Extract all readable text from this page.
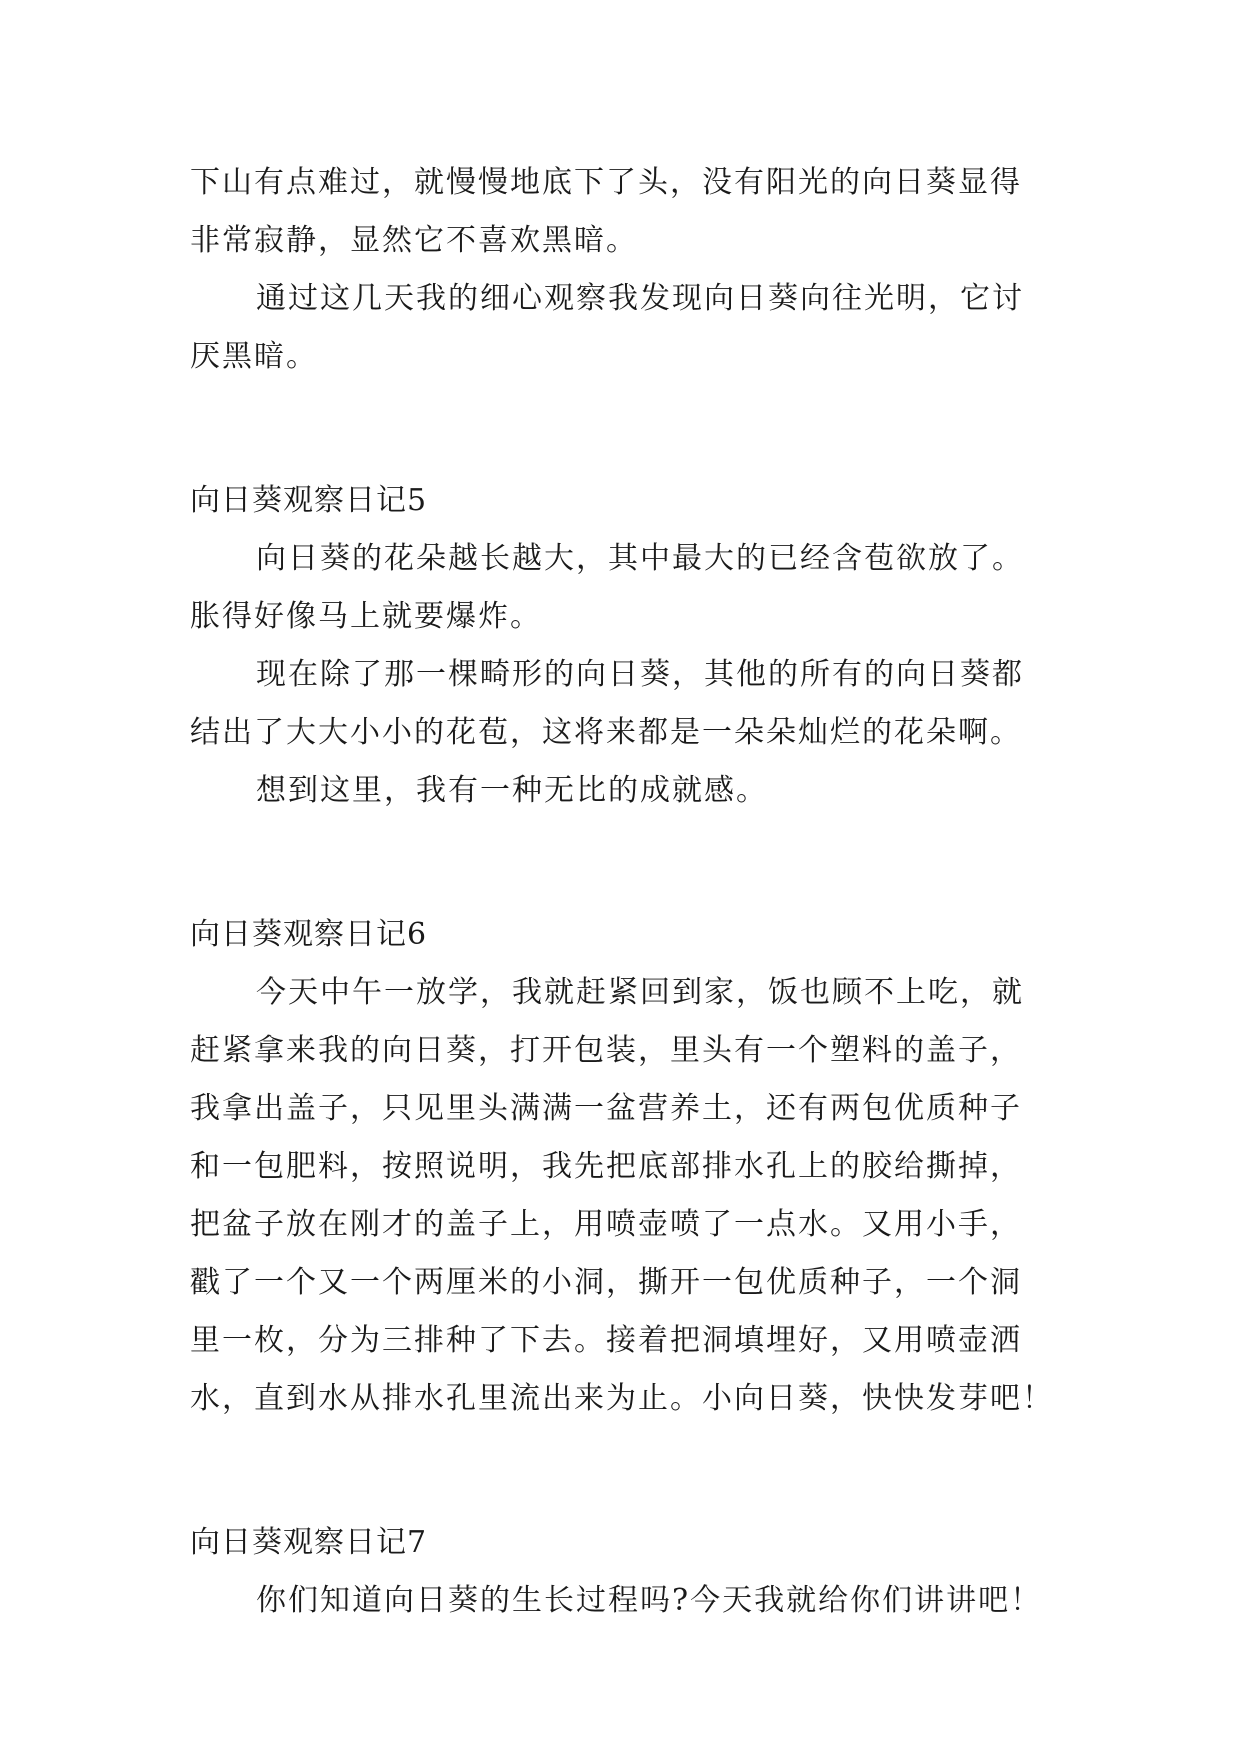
下山有点难过，就慢慢地底下了头，没有阳光的向日葵显得
非常寂静，显然它不喜欢黑暗。
通过这几天我的细心观察我发现向日葵向往光明，它讨
厌黑暗。
向日葵观察日记5
向日葵的花朵越长越大，其中最大的已经含苞欲放了。
胀得好像马上就要爆炸。
现在除了那一棵畸形的向日葵，其他的所有的向日葵都
结出了大大小小的花苞，这将来都是一朵朵灿烂的花朵啊。
想到这里，我有一种无比的成就感。
向日葵观察日记6
今天中午一放学，我就赶紧回到家，饭也顾不上吃，就
赶紧拿来我的向日葵，打开包装，里头有一个塑料的盖子，
我拿出盖子，只见里头满满一盆营养土，还有两包优质种子
和一包肥料，按照说明，我先把底部排水孔上的胶给撕掉，
把盆子放在刚才的盖子上，用喷壶喷了一点水。又用小手，
戳了一个又一个两厘米的小洞，撕开一包优质种子，一个洞
里一枚，分为三排种了下去。接着把洞填埋好，又用喷壶洒
水，直到水从排水孔里流出来为止。小向日葵，快快发芽吧！
向日葵观察日记7
你们知道向日葵的生长过程吗?今天我就给你们讲讲吧！
